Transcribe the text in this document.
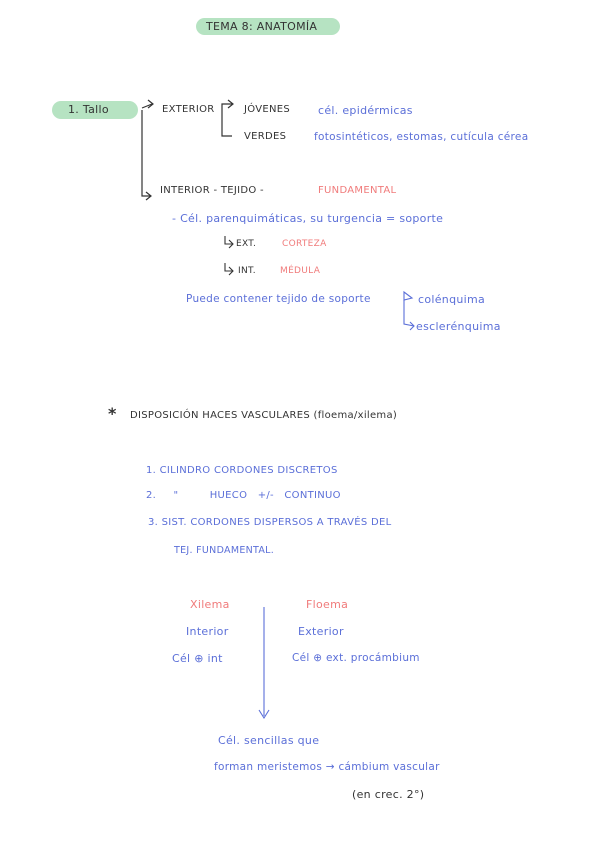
TEMA 8: ANATOMÍA
1. Tallo	EXTERIOR	JÓVENES	cél. epidérmicas
VERDES	fotosintéticos, estomas, cutícula cérea
INTERIOR - TEJIDO -	FUNDAMENTAL
- Cél. parenquimáticas, su turgencia = soporte
EXT.	CORTEZA
INT.	MÉDULA
Puede contener tejido de soporte	colénquima
esclerénquima
* DISPOSICIÓN HACES VASCULARES (floema/xilema)
1. CILINDRO CORDONES DISCRETOS
2.     "         HUECO   +/-   CONTINUO
3. SIST. CORDONES DISPERSOS A TRAVÉS DEL
TEJ. FUNDAMENTAL.
Xilema	Floema
Interior	Exterior
Cél ⊕ int	Cél ⊕ ext. procámbium
Cél. sencillas que
forman meristemos → cámbium vascular
(en crec. 2°)
